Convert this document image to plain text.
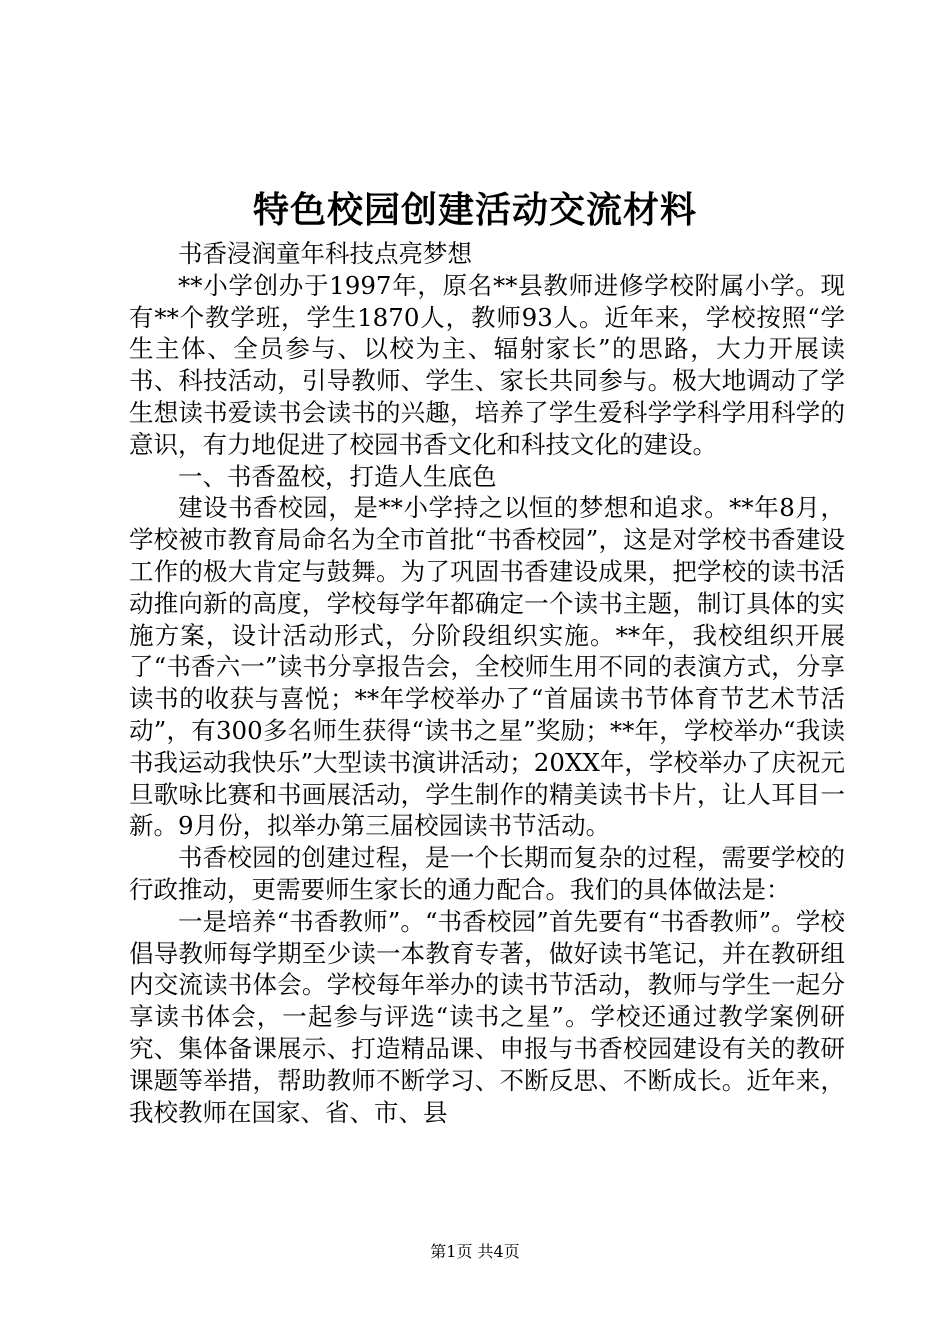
特色校园创建活动交流材料

书香浸润童年科技点亮梦想

**小学创办于1997年，原名**县教师进修学校附属小学。现有**个教学班，学生1870人，教师93人。近年来，学校按照“学生主体、全员参与、以校为主、辐射家长”的思路，大力开展读书、科技活动，引导教师、学生、家长共同参与。极大地调动了学生想读书爱读书会读书的兴趣，培养了学生爱科学学科学用科学的意识，有力地促进了校园书香文化和科技文化的建设。

一、书香盈校，打造人生底色

建设书香校园，是**小学持之以恒的梦想和追求。**年8月，学校被市教育局命名为全市首批“书香校园”，这是对学校书香建设工作的极大肯定与鼓舞。为了巩固书香建设成果，把学校的读书活动推向新的高度，学校每学年都确定一个读书主题，制订具体的实施方案，设计活动形式，分阶段组织实施。**年，我校组织开展了“书香六一”读书分享报告会，全校师生用不同的表演方式，分享读书的收获与喜悦；**年学校举办了“首届读书节体育节艺术节活动”，有300多名师生获得“读书之星”奖励；**年，学校举办“我读书我运动我快乐”大型读书演讲活动；20XX年，学校举办了庆祝元旦歌咏比赛和书画展活动，学生制作的精美读书卡片，让人耳目一新。9月份，拟举办第三届校园读书节活动。

书香校园的创建过程，是一个长期而复杂的过程，需要学校的行政推动，更需要师生家长的通力配合。我们的具体做法是：

一是培养“书香教师”。“书香校园”首先要有“书香教师”。学校倡导教师每学期至少读一本教育专著，做好读书笔记，并在教研组内交流读书体会。学校每年举办的读书节活动，教师与学生一起分享读书体会，一起参与评选“读书之星”。学校还通过教学案例研究、集体备课展示、打造精品课、申报与书香校园建设有关的教研课题等举措，帮助教师不断学习、不断反思、不断成长。近年来，我校教师在国家、省、市、县

第1页 共4页
